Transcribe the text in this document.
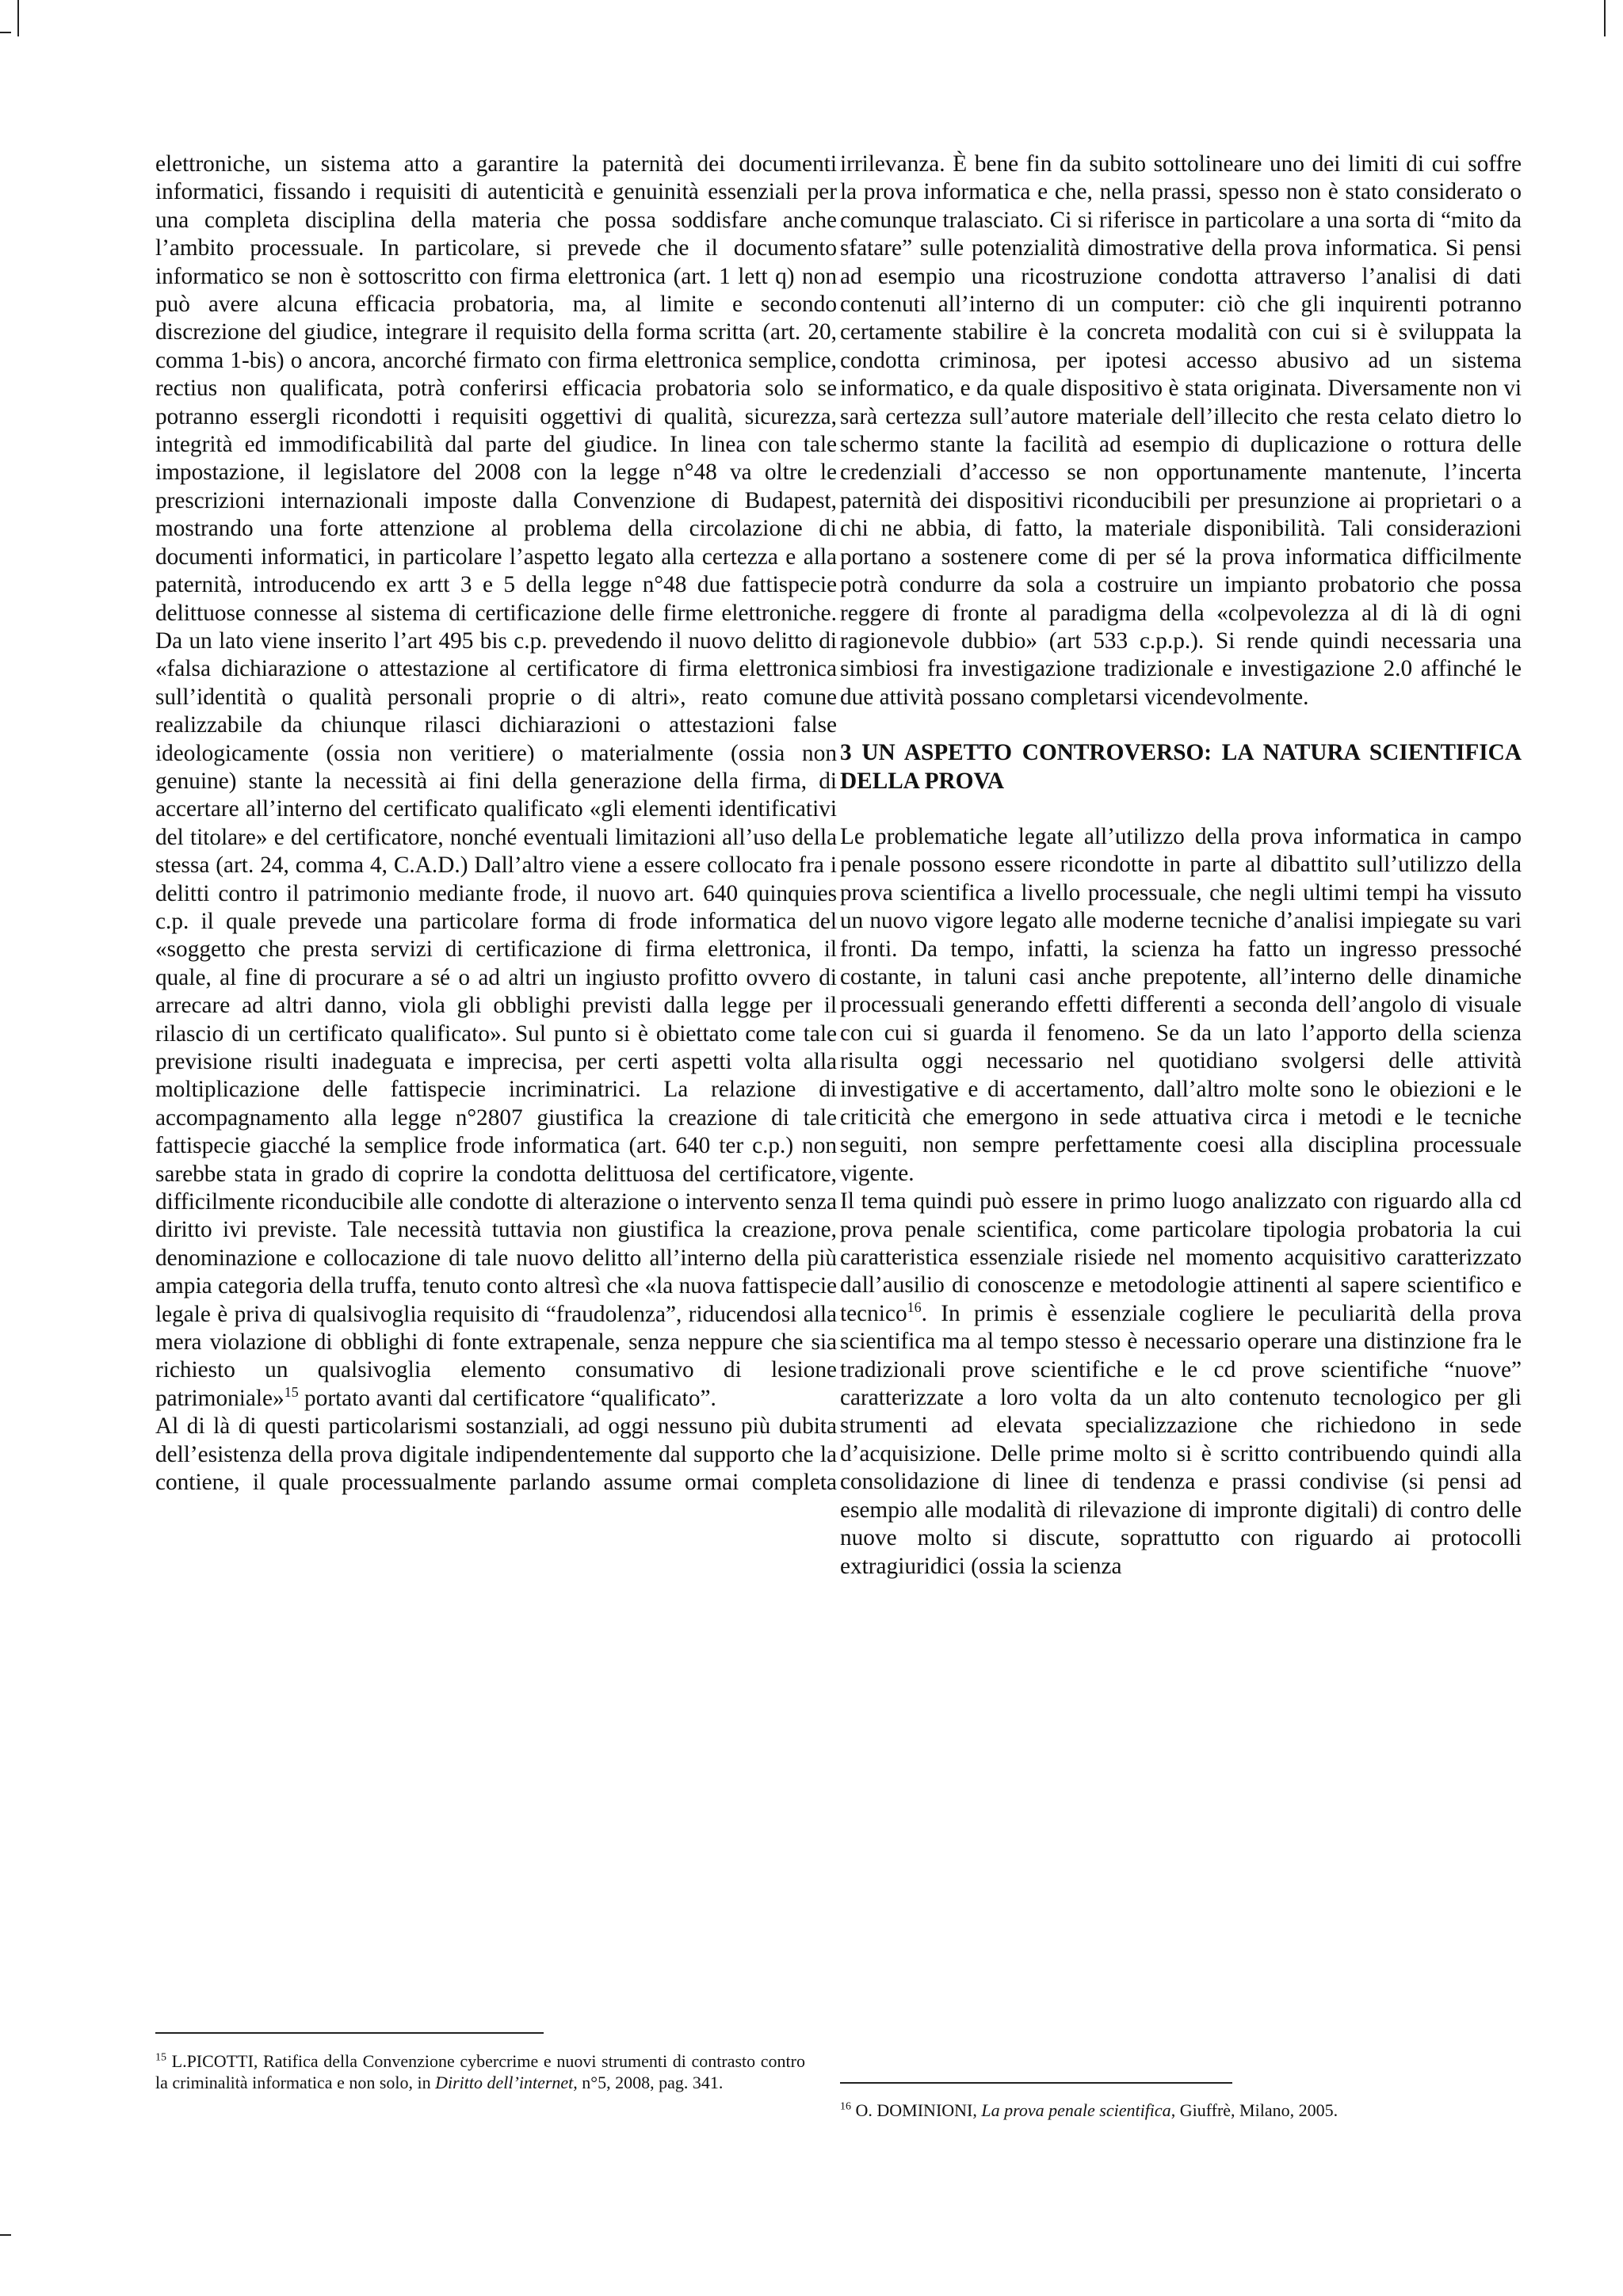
elettroniche, un sistema atto a garantire la paternità dei documenti informatici, fissando i requisiti di autenticità e genuinità essenziali per una completa disciplina della materia che possa soddisfare anche l’ambito processuale. In particolare, si prevede che il documento informatico se non è sottoscritto con firma elettronica (art. 1 lett q) non può avere alcuna efficacia probatoria, ma, al limite e secondo discrezione del giudice, integrare il requisito della forma scritta (art. 20, comma 1-bis) o ancora, ancorché firmato con firma elettronica semplice, rectius non qualificata, potrà conferirsi efficacia probatoria solo se potranno essergli ricondotti i requisiti oggettivi di qualità, sicurezza, integrità ed immodificabilità dal parte del giudice. In linea con tale impostazione, il legislatore del 2008 con la legge n°48 va oltre le prescrizioni internazionali imposte dalla Convenzione di Budapest, mostrando una forte attenzione al problema della circolazione di documenti informatici, in particolare l’aspetto legato alla certezza e alla paternità, introducendo ex artt 3 e 5 della legge n°48 due fattispecie delittuose connesse al sistema di certificazione delle firme elettroniche. Da un lato viene inserito l’art 495 bis c.p. prevedendo il nuovo delitto di «falsa dichiarazione o attestazione al certificatore di firma elettronica sull’identità o qualità personali proprie o di altri», reato comune realizzabile da chiunque rilasci dichiarazioni o attestazioni false ideologicamente (ossia non veritiere) o materialmente (ossia non genuine) stante la necessità ai fini della generazione della firma, di accertare all’interno del certificato qualificato «gli elementi identificativi del titolare» e del certificatore, nonché eventuali limitazioni all’uso della stessa (art. 24, comma 4, C.A.D.) Dall’altro viene a essere collocato fra i delitti contro il patrimonio mediante frode, il nuovo art. 640 quinquies c.p. il quale prevede una particolare forma di frode informatica del «soggetto che presta servizi di certificazione di firma elettronica, il quale, al fine di procurare a sé o ad altri un ingiusto profitto ovvero di arrecare ad altri danno, viola gli obblighi previsti dalla legge per il rilascio di un certificato qualificato». Sul punto si è obiettato come tale previsione risulti inadeguata e imprecisa, per certi aspetti volta alla moltiplicazione delle fattispecie incriminatrici. La relazione di accompagnamento alla legge n°2807 giustifica la creazione di tale fattispecie giacché la semplice frode informatica (art. 640 ter c.p.) non sarebbe stata in grado di coprire la condotta delittuosa del certificatore, difficilmente riconducibile alle condotte di alterazione o intervento senza diritto ivi previste. Tale necessità tuttavia non giustifica la creazione, denominazione e collocazione di tale nuovo delitto all’interno della più ampia categoria della truffa, tenuto conto altresì che «la nuova fattispecie legale è priva di qualsivoglia requisito di “fraudolenza”, riducendosi alla mera violazione di obblighi di fonte extrapenale, senza neppure che sia richiesto un qualsivoglia elemento consumativo di lesione patrimoniale»$^{15}$ portato avanti dal certificatore “qualificato”.

Al di là di questi particolarismi sostanziali, ad oggi nessuno più dubita dell’esistenza della prova digitale indipendentemente dal supporto che la contiene, il quale processualmente parlando assume ormai completa

irrilevanza. È bene fin da subito sottolineare uno dei limiti di cui soffre la prova informatica e che, nella prassi, spesso non è stato considerato o comunque tralasciato. Ci si riferisce in particolare a una sorta di “mito da sfatare” sulle potenzialità dimostrative della prova informatica. Si pensi ad esempio una ricostruzione condotta attraverso l’analisi di dati contenuti all’interno di un computer: ciò che gli inquirenti potranno certamente stabilire è la concreta modalità con cui si è sviluppata la condotta criminosa, per ipotesi accesso abusivo ad un sistema informatico, e da quale dispositivo è stata originata. Diversamente non vi sarà certezza sull’autore materiale dell’illecito che resta celato dietro lo schermo stante la facilità ad esempio di duplicazione o rottura delle credenziali d’accesso se non opportunamente mantenute, l’incerta paternità dei dispositivi riconducibili per presunzione ai proprietari o a chi ne abbia, di fatto, la materiale disponibilità. Tali considerazioni portano a sostenere come di per sé la prova informatica difficilmente potrà condurre da sola a costruire un impianto probatorio che possa reggere di fronte al paradigma della «colpevolezza al di là di ogni ragionevole dubbio» (art 533 c.p.p.). Si rende quindi necessaria una simbiosi fra investigazione tradizionale e investigazione 2.0 affinché le due attività possano completarsi vicendevolmente.

3 UN ASPETTO CONTROVERSO: LA NATURA SCIENTIFICA DELLA PROVA

Le problematiche legate all’utilizzo della prova informatica in campo penale possono essere ricondotte in parte al dibattito sull’utilizzo della prova scientifica a livello processuale, che negli ultimi tempi ha vissuto un nuovo vigore legato alle moderne tecniche d’analisi impiegate su vari fronti. Da tempo, infatti, la scienza ha fatto un ingresso pressoché costante, in taluni casi anche prepotente, all’interno delle dinamiche processuali generando effetti differenti a seconda dell’angolo di visuale con cui si guarda il fenomeno. Se da un lato l’apporto della scienza risulta oggi necessario nel quotidiano svolgersi delle attività investigative e di accertamento, dall’altro molte sono le obiezioni e le criticità che emergono in sede attuativa circa i metodi e le tecniche seguiti, non sempre perfettamente coesi alla disciplina processuale vigente.

Il tema quindi può essere in primo luogo analizzato con riguardo alla cd prova penale scientifica, come particolare tipologia probatoria la cui caratteristica essenziale risiede nel momento acquisitivo caratterizzato dall’ausilio di conoscenze e metodologie attinenti al sapere scientifico e tecnico$^{16}$. In primis è essenziale cogliere le peculiarità della prova scientifica ma al tempo stesso è necessario operare una distinzione fra le tradizionali prove scientifiche e le cd prove scientifiche “nuove” caratterizzate a loro volta da un alto contenuto tecnologico per gli strumenti ad elevata specializzazione che richiedono in sede d’acquisizione. Delle prime molto si è scritto contribuendo quindi alla consolidazione di linee di tendenza e prassi condivise (si pensi ad esempio alle modalità di rilevazione di impronte digitali) di contro delle nuove molto si discute, soprattutto con riguardo ai protocolli extragiuridici (ossia la scienza

$^{15}$ L.PICOTTI, Ratifica della Convenzione cybercrime e nuovi strumenti di contrasto contro la criminalità informatica e non solo, in Diritto dell’internet, n°5, 2008, pag. 341.
$^{16}$ O. DOMINIONI, La prova penale scientifica, Giuffrè, Milano, 2005.
